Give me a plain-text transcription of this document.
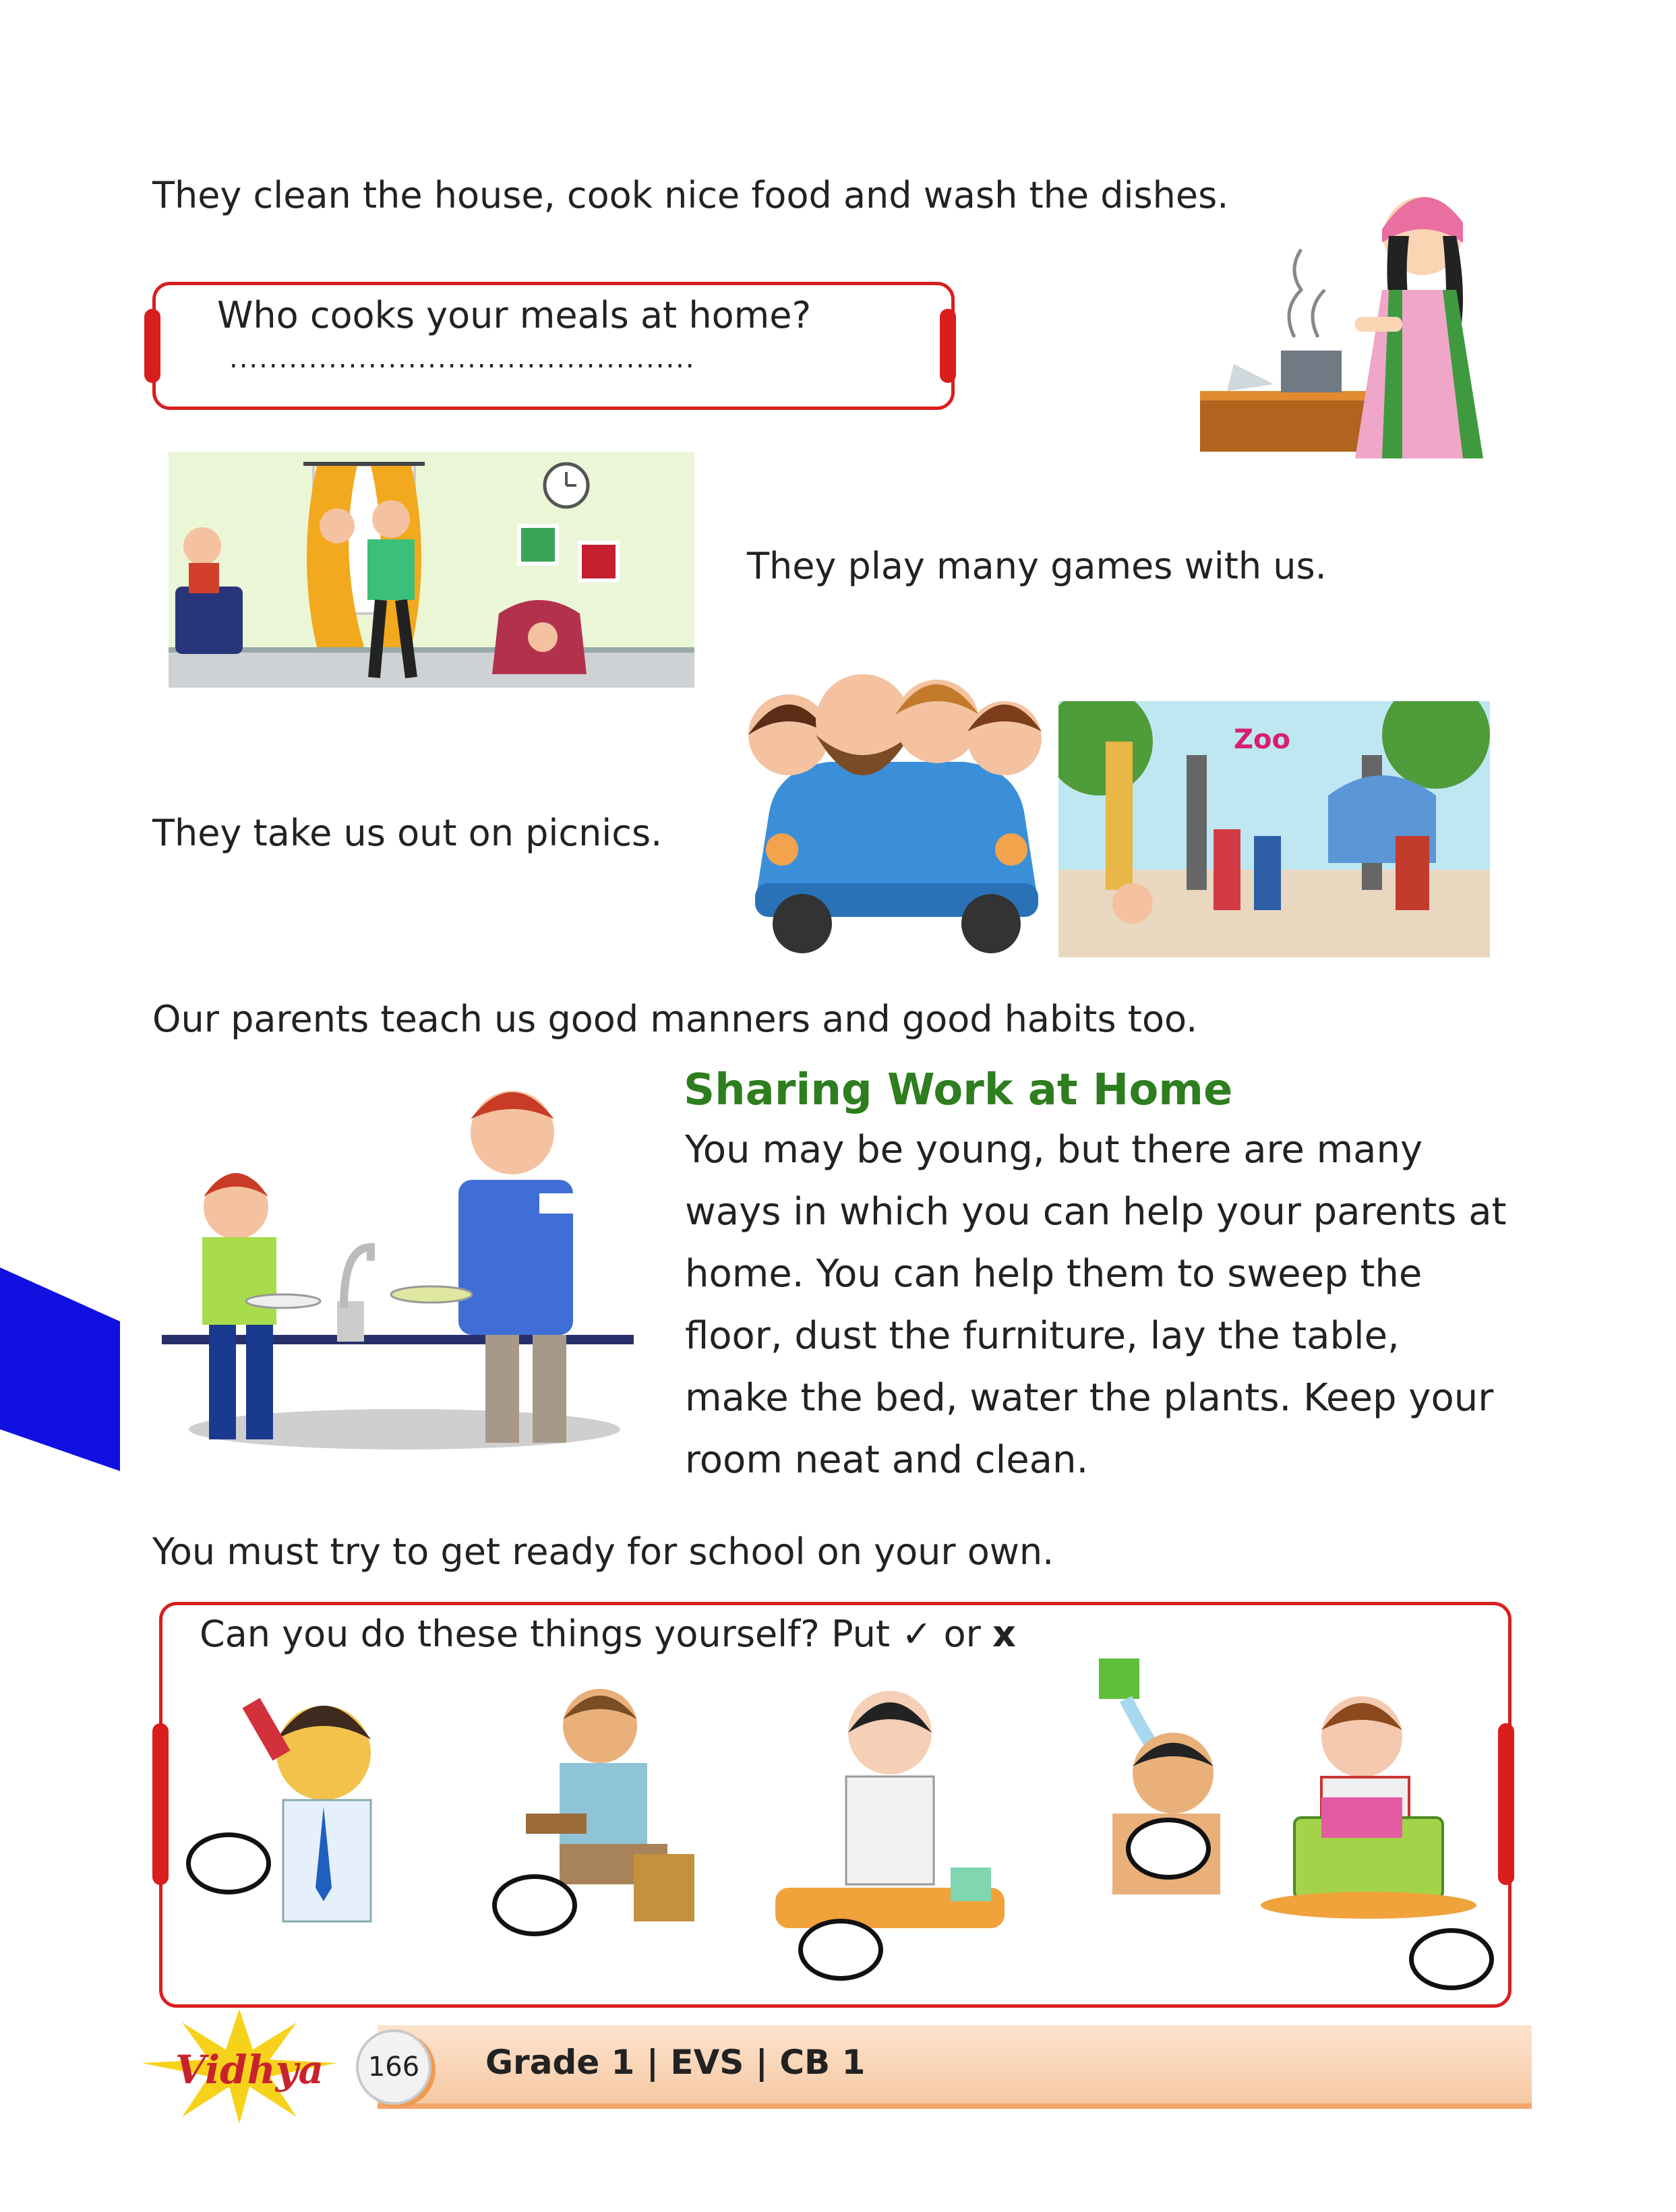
They clean the house, cook nice food and wash the dishes.
Who cooks your meals at home?
...............................................
They play many games with us.
Zoo
They take us out on picnics.
Our parents teach us good manners and good habits too.
Sharing Work at Home
You may be young, but there are many ways in which you can help your parents at home. You can help them to sweep the floor, dust the furniture, lay the table, make the bed, water the plants. Keep your room neat and clean.
You must try to get ready for school on your own.
Can you do these things yourself? Put ✓ or x
Vidhya	166	Grade 1 | EVS | CB 1
